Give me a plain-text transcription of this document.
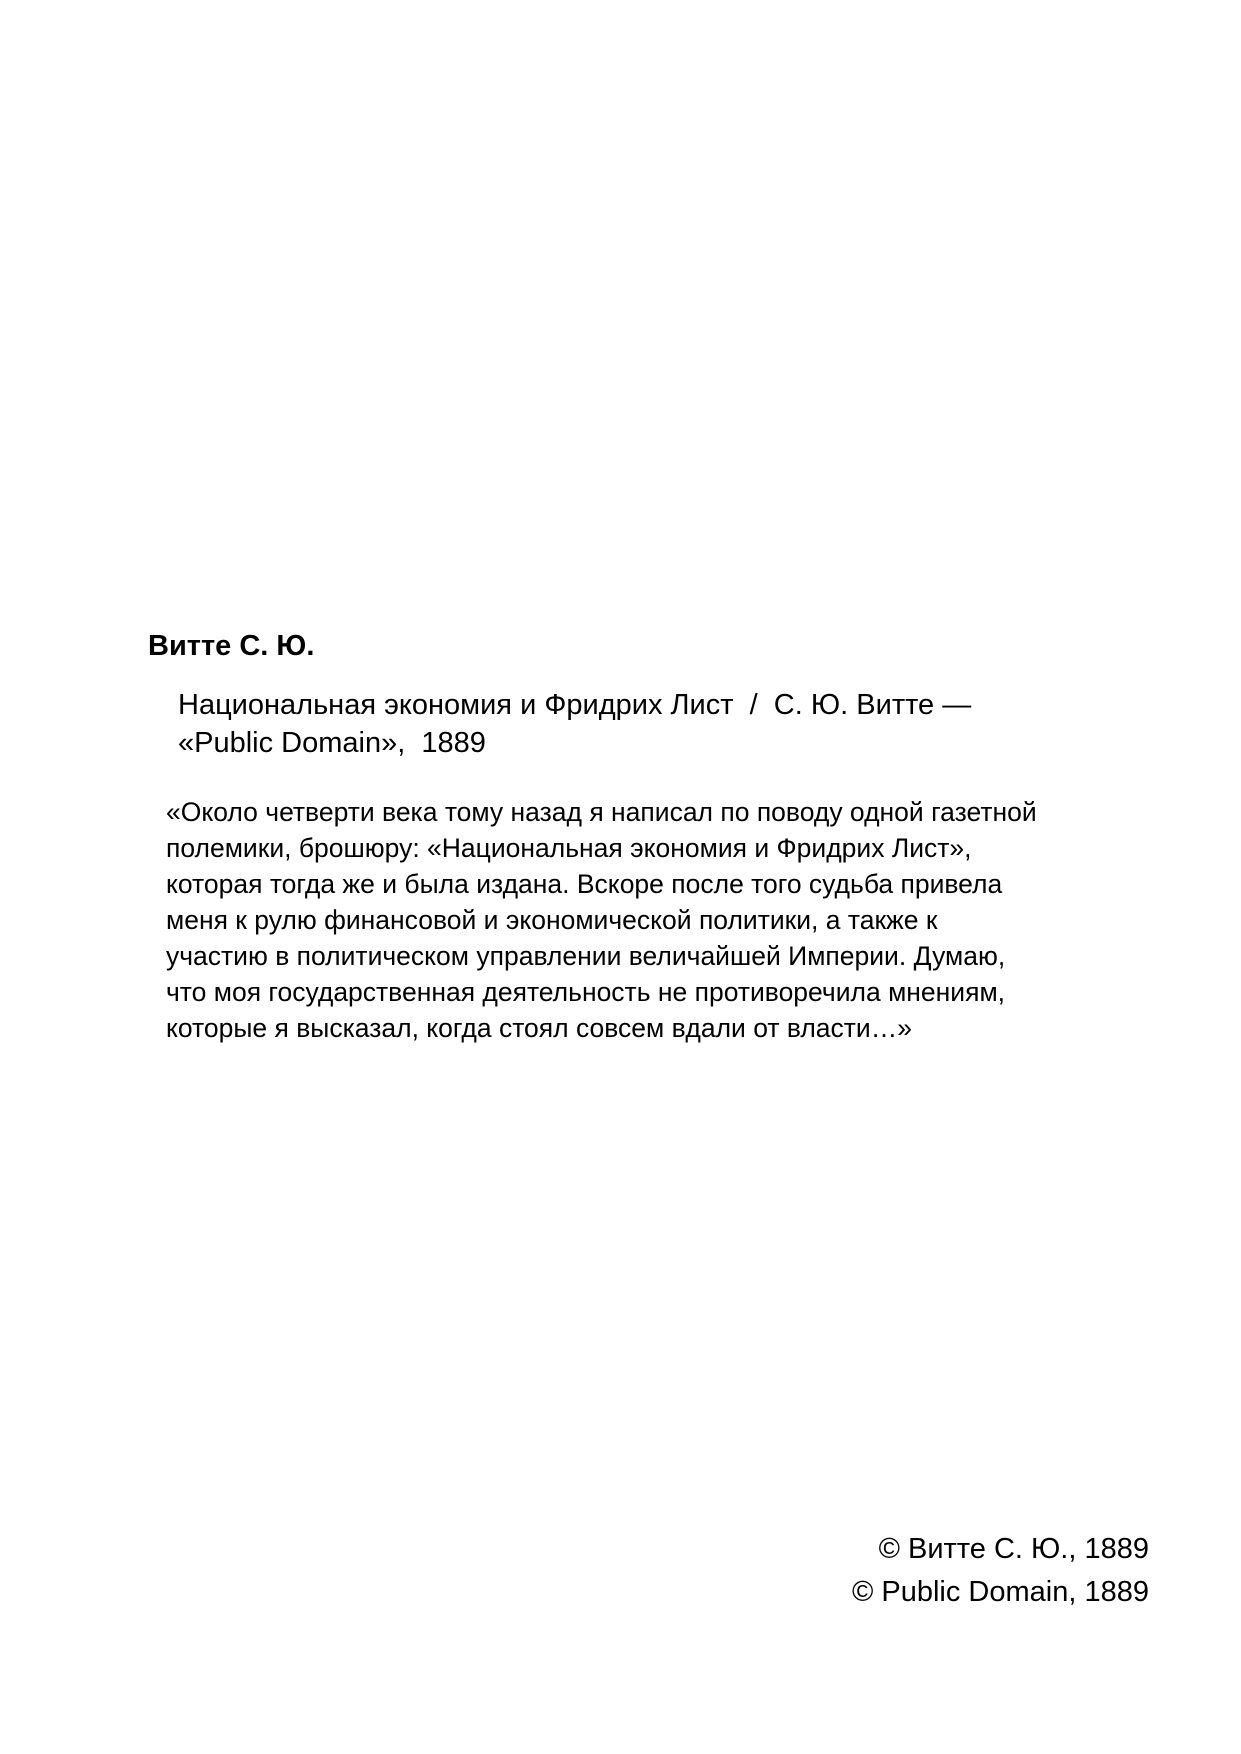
Витте С. Ю.
Национальная экономия и Фридрих Лист  /  С. Ю. Витте —
«Public Domain»,  1889
«Около четверти века тому назад я написал по поводу одной газетной
полемики, брошюру: «Национальная экономия и Фридрих Лист»,
которая тогда же и была издана. Вскоре после того судьба привела
меня к рулю финансовой и экономической политики, а также к
участию в политическом управлении величайшей Империи. Думаю,
что моя государственная деятельность не противоречила мнениям,
которые я высказал, когда стоял совсем вдали от власти…»
© Витте С. Ю., 1889
© Public Domain, 1889
